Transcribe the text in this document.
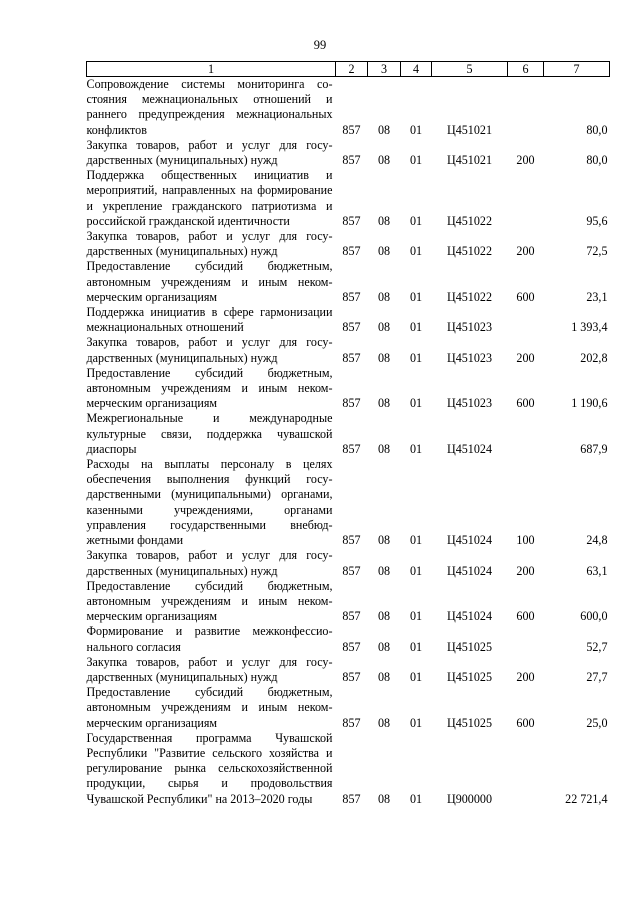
99
1	2	3	4	5	6	7
Сопровождение системы мониторинга состояния межнациональных отношений и раннего предупреждения межнациональных конфликтов	857	08	01	Ц451021		80,0
Закупка товаров, работ и услуг для государственных (муниципальных) нужд	857	08	01	Ц451021	200	80,0
Поддержка общественных инициатив и мероприятий, направленных на формирование и укрепление гражданского патриотизма и российской гражданской идентичности	857	08	01	Ц451022		95,6
Закупка товаров, работ и услуг для государственных (муниципальных) нужд	857	08	01	Ц451022	200	72,5
Предоставление субсидий бюджетным, автономным учреждениям и иным некоммерческим организациям	857	08	01	Ц451022	600	23,1
Поддержка инициатив в сфере гармонизации межнациональных отношений	857	08	01	Ц451023		1 393,4
Закупка товаров, работ и услуг для государственных (муниципальных) нужд	857	08	01	Ц451023	200	202,8
Предоставление субсидий бюджетным, автономным учреждениям и иным некоммерческим организациям	857	08	01	Ц451023	600	1 190,6
Межрегиональные и международные культурные связи, поддержка чувашской диаспоры	857	08	01	Ц451024		687,9
Расходы на выплаты персоналу в целях обеспечения выполнения функций государственными (муниципальными) органами, казенными учреждениями, органами управления государственными внебюджетными фондами	857	08	01	Ц451024	100	24,8
Закупка товаров, работ и услуг для государственных (муниципальных) нужд	857	08	01	Ц451024	200	63,1
Предоставление субсидий бюджетным, автономным учреждениям и иным некоммерческим организациям	857	08	01	Ц451024	600	600,0
Формирование и развитие межконфессионального согласия	857	08	01	Ц451025		52,7
Закупка товаров, работ и услуг для государственных (муниципальных) нужд	857	08	01	Ц451025	200	27,7
Предоставление субсидий бюджетным, автономным учреждениям и иным некоммерческим организациям	857	08	01	Ц451025	600	25,0
Государственная программа Чувашской Республики "Развитие сельского хозяйства и регулирование рынка сельскохозяйственной продукции, сырья и продовольствия Чувашской Республики" на 2013–2020 годы	857	08	01	Ц900000		22 721,4
